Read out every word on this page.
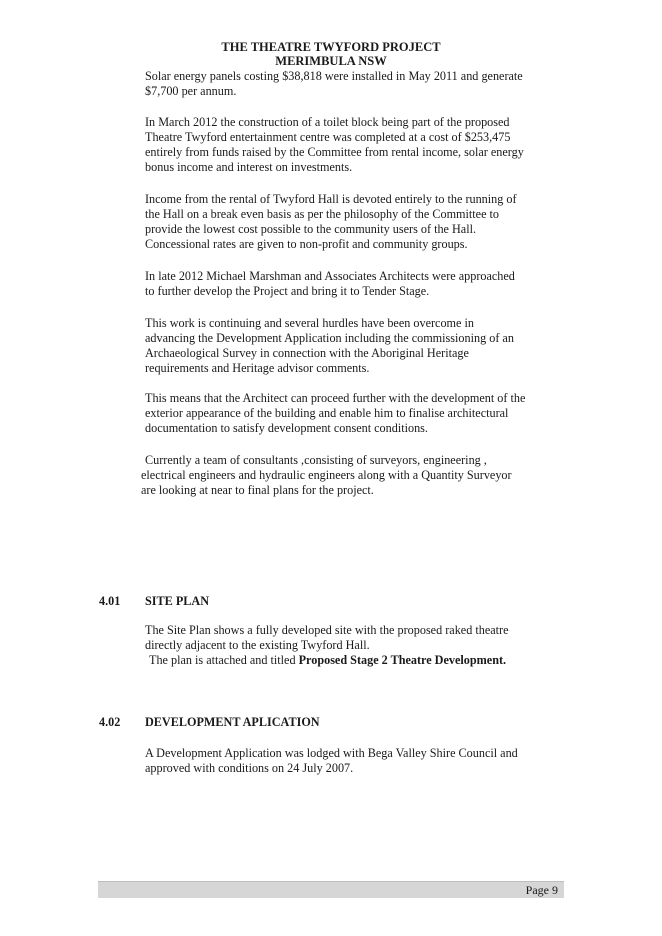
THE THEATRE TWYFORD PROJECT
MERIMBULA NSW

Solar energy panels costing $38,818 were installed in May 2011 and generate
$7,700 per annum.

In March 2012 the construction of a toilet block being part of the proposed
Theatre Twyford entertainment centre was completed at a cost of $253,475
entirely from funds raised by the Committee from rental income, solar energy
bonus income and interest on investments.

Income from the rental of Twyford Hall is devoted entirely to the running of
the Hall on a break even basis as per the philosophy of the Committee to
provide the lowest cost possible to the community users of the Hall.
Concessional rates are given to non-profit and community groups.

In late 2012 Michael Marshman and Associates Architects were approached
to further develop the Project and bring it to Tender Stage.

This work is continuing and several hurdles have been overcome in
advancing the Development Application including the commissioning of an
Archaeological Survey in connection with the Aboriginal Heritage
requirements and Heritage advisor comments.

This means that the Architect can proceed further with the development of the
exterior appearance of the building and enable him to finalise architectural
documentation to satisfy development consent conditions.

Currently a team of consultants ,consisting of surveyors, engineering ,
electrical engineers and hydraulic engineers along with a Quantity Surveyor
are looking at near to final plans for the project.

4.01 SITE PLAN

The Site Plan shows a fully developed site with the proposed raked theatre
directly adjacent to the existing Twyford Hall.
The plan is attached and titled Proposed Stage 2 Theatre Development.

4.02 DEVELOPMENT APLICATION

A Development Application was lodged with Bega Valley Shire Council and
approved with conditions on 24 July 2007.

Page 9
